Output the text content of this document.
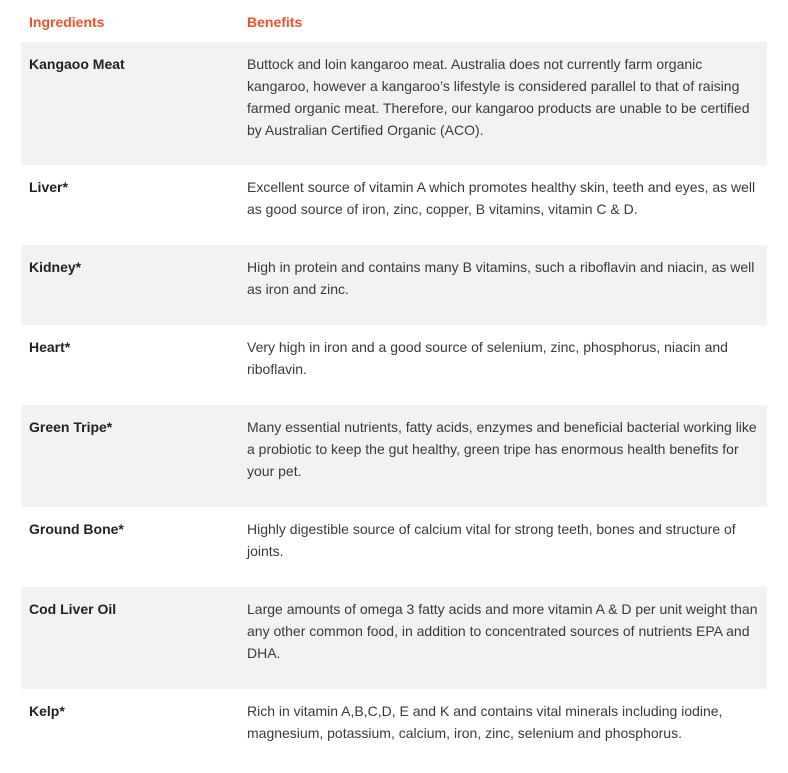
Ingredients	Benefits
Kangaoo Meat	Buttock and loin kangaroo meat. Australia does not currently farm organic kangaroo, however a kangaroo’s lifestyle is considered parallel to that of raising farmed organic meat. Therefore, our kangaroo products are unable to be certified by Australian Certified Organic (ACO).
Liver*	Excellent source of vitamin A which promotes healthy skin, teeth and eyes, as well as good source of iron, zinc, copper, B vitamins, vitamin C & D.
Kidney*	High in protein and contains many B vitamins, such a riboflavin and niacin, as well as iron and zinc.
Heart*	Very high in iron and a good source of selenium, zinc, phosphorus, niacin and riboflavin.
Green Tripe*	Many essential nutrients, fatty acids, enzymes and beneficial bacterial working like a probiotic to keep the gut healthy, green tripe has enormous health benefits for your pet.
Ground Bone*	Highly digestible source of calcium vital for strong teeth, bones and structure of joints.
Cod Liver Oil	Large amounts of omega 3 fatty acids and more vitamin A & D per unit weight than any other common food, in addition to concentrated sources of nutrients EPA and DHA.
Kelp*	Rich in vitamin A,B,C,D, E and K and contains vital minerals including iodine, magnesium, potassium, calcium, iron, zinc, selenium and phosphorus.
